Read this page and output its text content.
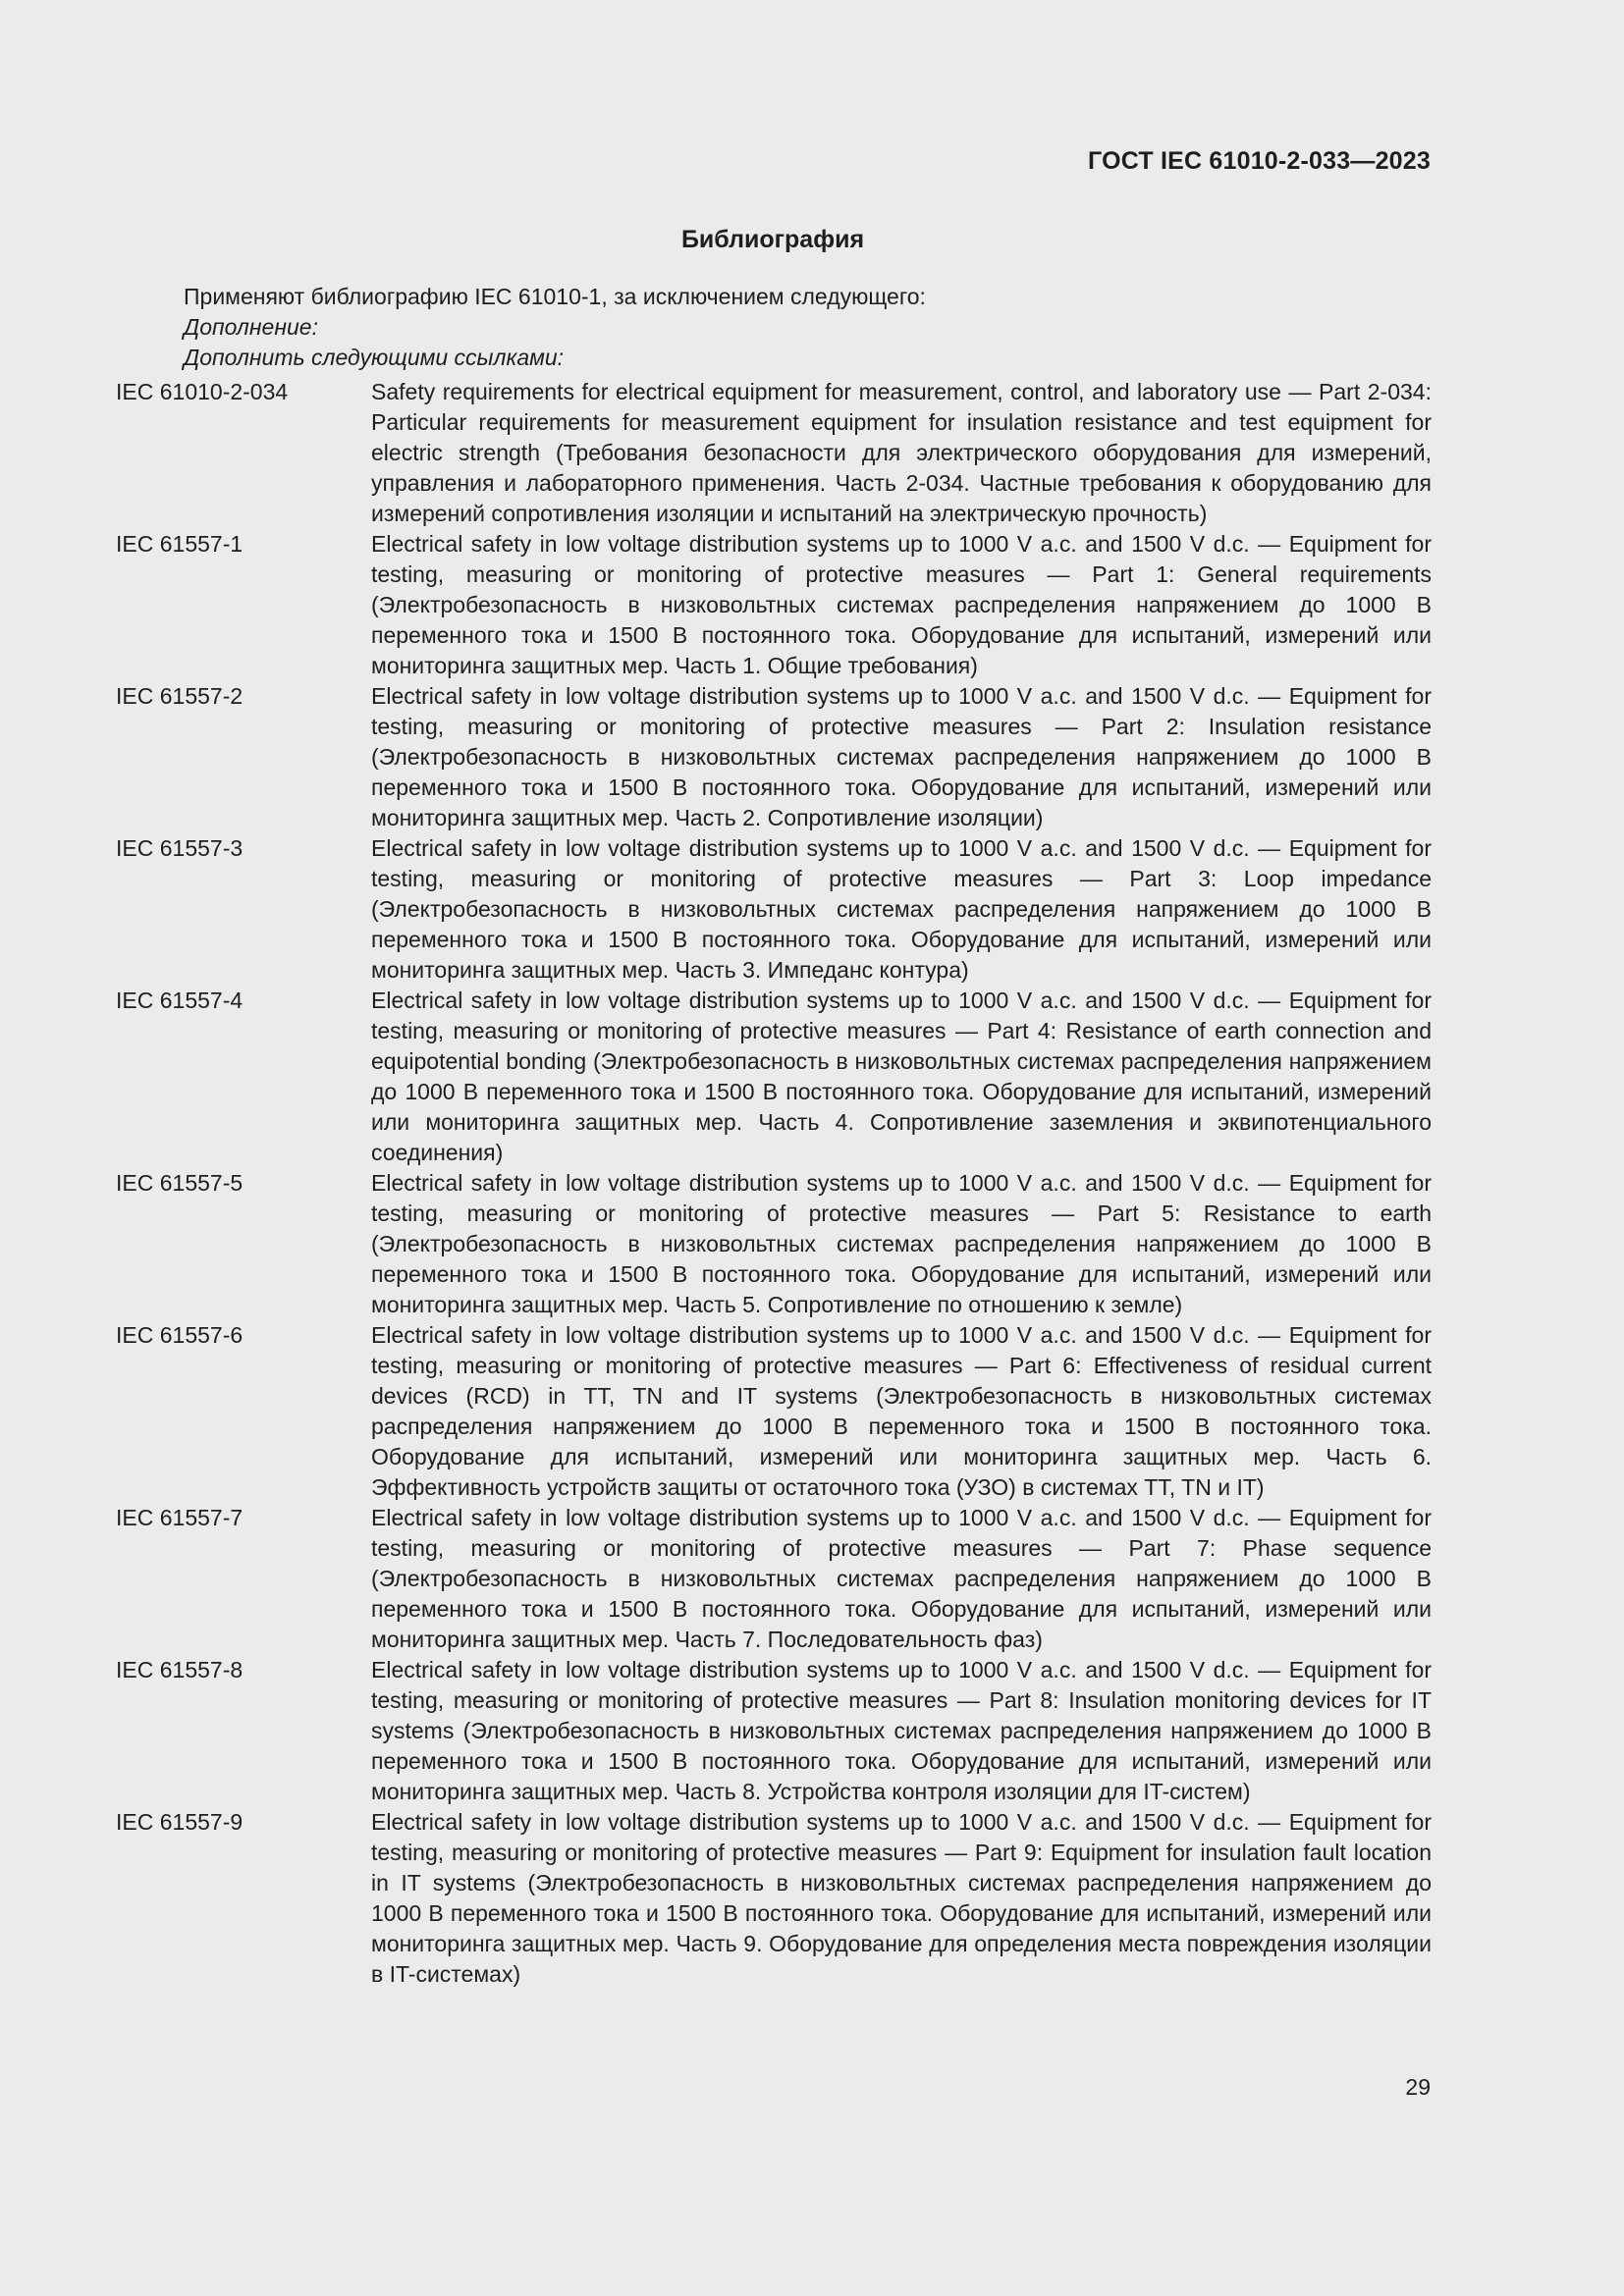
ГОСТ IEC 61010-2-033—2023
Библиография
Применяют библиографию IEC 61010-1, за исключением следующего:
Дополнение:
Дополнить следующими ссылками:
IEC 61010-2-034	Safety requirements for electrical equipment for measurement, control, and laboratory use — Part 2-034: Particular requirements for measurement equipment for insulation resistance and test equipment for electric strength (Требования безопасности для электрического оборудования для измерений, управления и лабораторного применения. Часть 2-034. Частные требования к оборудованию для измерений сопротивления изоляции и испытаний на электрическую прочность)
IEC 61557-1	Electrical safety in low voltage distribution systems up to 1000 V a.c. and 1500 V d.c. — Equipment for testing, measuring or monitoring of protective measures — Part 1: General requirements (Электробезопасность в низковольтных системах распределения напряжением до 1000 В переменного тока и 1500 В постоянного тока. Оборудование для испытаний, измерений или мониторинга защитных мер. Часть 1. Общие требования)
IEC 61557-2	Electrical safety in low voltage distribution systems up to 1000 V a.c. and 1500 V d.c. — Equipment for testing, measuring or monitoring of protective measures — Part 2: Insulation resistance (Электробезопасность в низковольтных системах распределения напряжением до 1000 В переменного тока и 1500 В постоянного тока. Оборудование для испытаний, измерений или мониторинга защитных мер. Часть 2. Сопротивление изоляции)
IEC 61557-3	Electrical safety in low voltage distribution systems up to 1000 V a.c. and 1500 V d.c. — Equipment for testing, measuring or monitoring of protective measures — Part 3: Loop impedance (Электробезопасность в низковольтных системах распределения напряжением до 1000 В переменного тока и 1500 В постоянного тока. Оборудование для испытаний, измерений или мониторинга защитных мер. Часть 3. Импеданс контура)
IEC 61557-4	Electrical safety in low voltage distribution systems up to 1000 V a.c. and 1500 V d.c. — Equipment for testing, measuring or monitoring of protective measures — Part 4: Resistance of earth connection and equipotential bonding (Электробезопасность в низковольтных системах распределения напряжением до 1000 В переменного тока и 1500 В постоянного тока. Оборудование для испытаний, измерений или мониторинга защитных мер. Часть 4. Сопротивление заземления и эквипотенциального соединения)
IEC 61557-5	Electrical safety in low voltage distribution systems up to 1000 V a.c. and 1500 V d.c. — Equipment for testing, measuring or monitoring of protective measures — Part 5: Resistance to earth (Электробезопасность в низковольтных системах распределения напряжением до 1000 В переменного тока и 1500 В постоянного тока. Оборудование для испытаний, измерений или мониторинга защитных мер. Часть 5. Сопротивление по отношению к земле)
IEC 61557-6	Electrical safety in low voltage distribution systems up to 1000 V a.c. and 1500 V d.c. — Equipment for testing, measuring or monitoring of protective measures — Part 6: Effectiveness of residual current devices (RCD) in TT, TN and IT systems (Электробезопасность в низковольтных системах распределения напряжением до 1000 В переменного тока и 1500 В постоянного тока. Оборудование для испытаний, измерений или мониторинга защитных мер. Часть 6. Эффективность устройств защиты от остаточного тока (УЗО) в системах TT, TN и IT)
IEC 61557-7	Electrical safety in low voltage distribution systems up to 1000 V a.c. and 1500 V d.c. — Equipment for testing, measuring or monitoring of protective measures — Part 7: Phase sequence (Электробезопасность в низковольтных системах распределения напряжением до 1000 В переменного тока и 1500 В постоянного тока. Оборудование для испытаний, измерений или мониторинга защитных мер. Часть 7. Последовательность фаз)
IEC 61557-8	Electrical safety in low voltage distribution systems up to 1000 V a.c. and 1500 V d.c. — Equipment for testing, measuring or monitoring of protective measures — Part 8: Insulation monitoring devices for IT systems (Электробезопасность в низковольтных системах распределения напряжением до 1000 В переменного тока и 1500 В постоянного тока. Оборудование для испытаний, измерений или мониторинга защитных мер. Часть 8. Устройства контроля изоляции для IT-систем)
IEC 61557-9	Electrical safety in low voltage distribution systems up to 1000 V a.c. and 1500 V d.c. — Equipment for testing, measuring or monitoring of protective measures — Part 9: Equipment for insulation fault location in IT systems (Электробезопасность в низковольтных системах распределения напряжением до 1000 В переменного тока и 1500 В постоянного тока. Оборудование для испытаний, измерений или мониторинга защитных мер. Часть 9. Оборудование для определения места повреждения изоляции в IT-системах)
29
